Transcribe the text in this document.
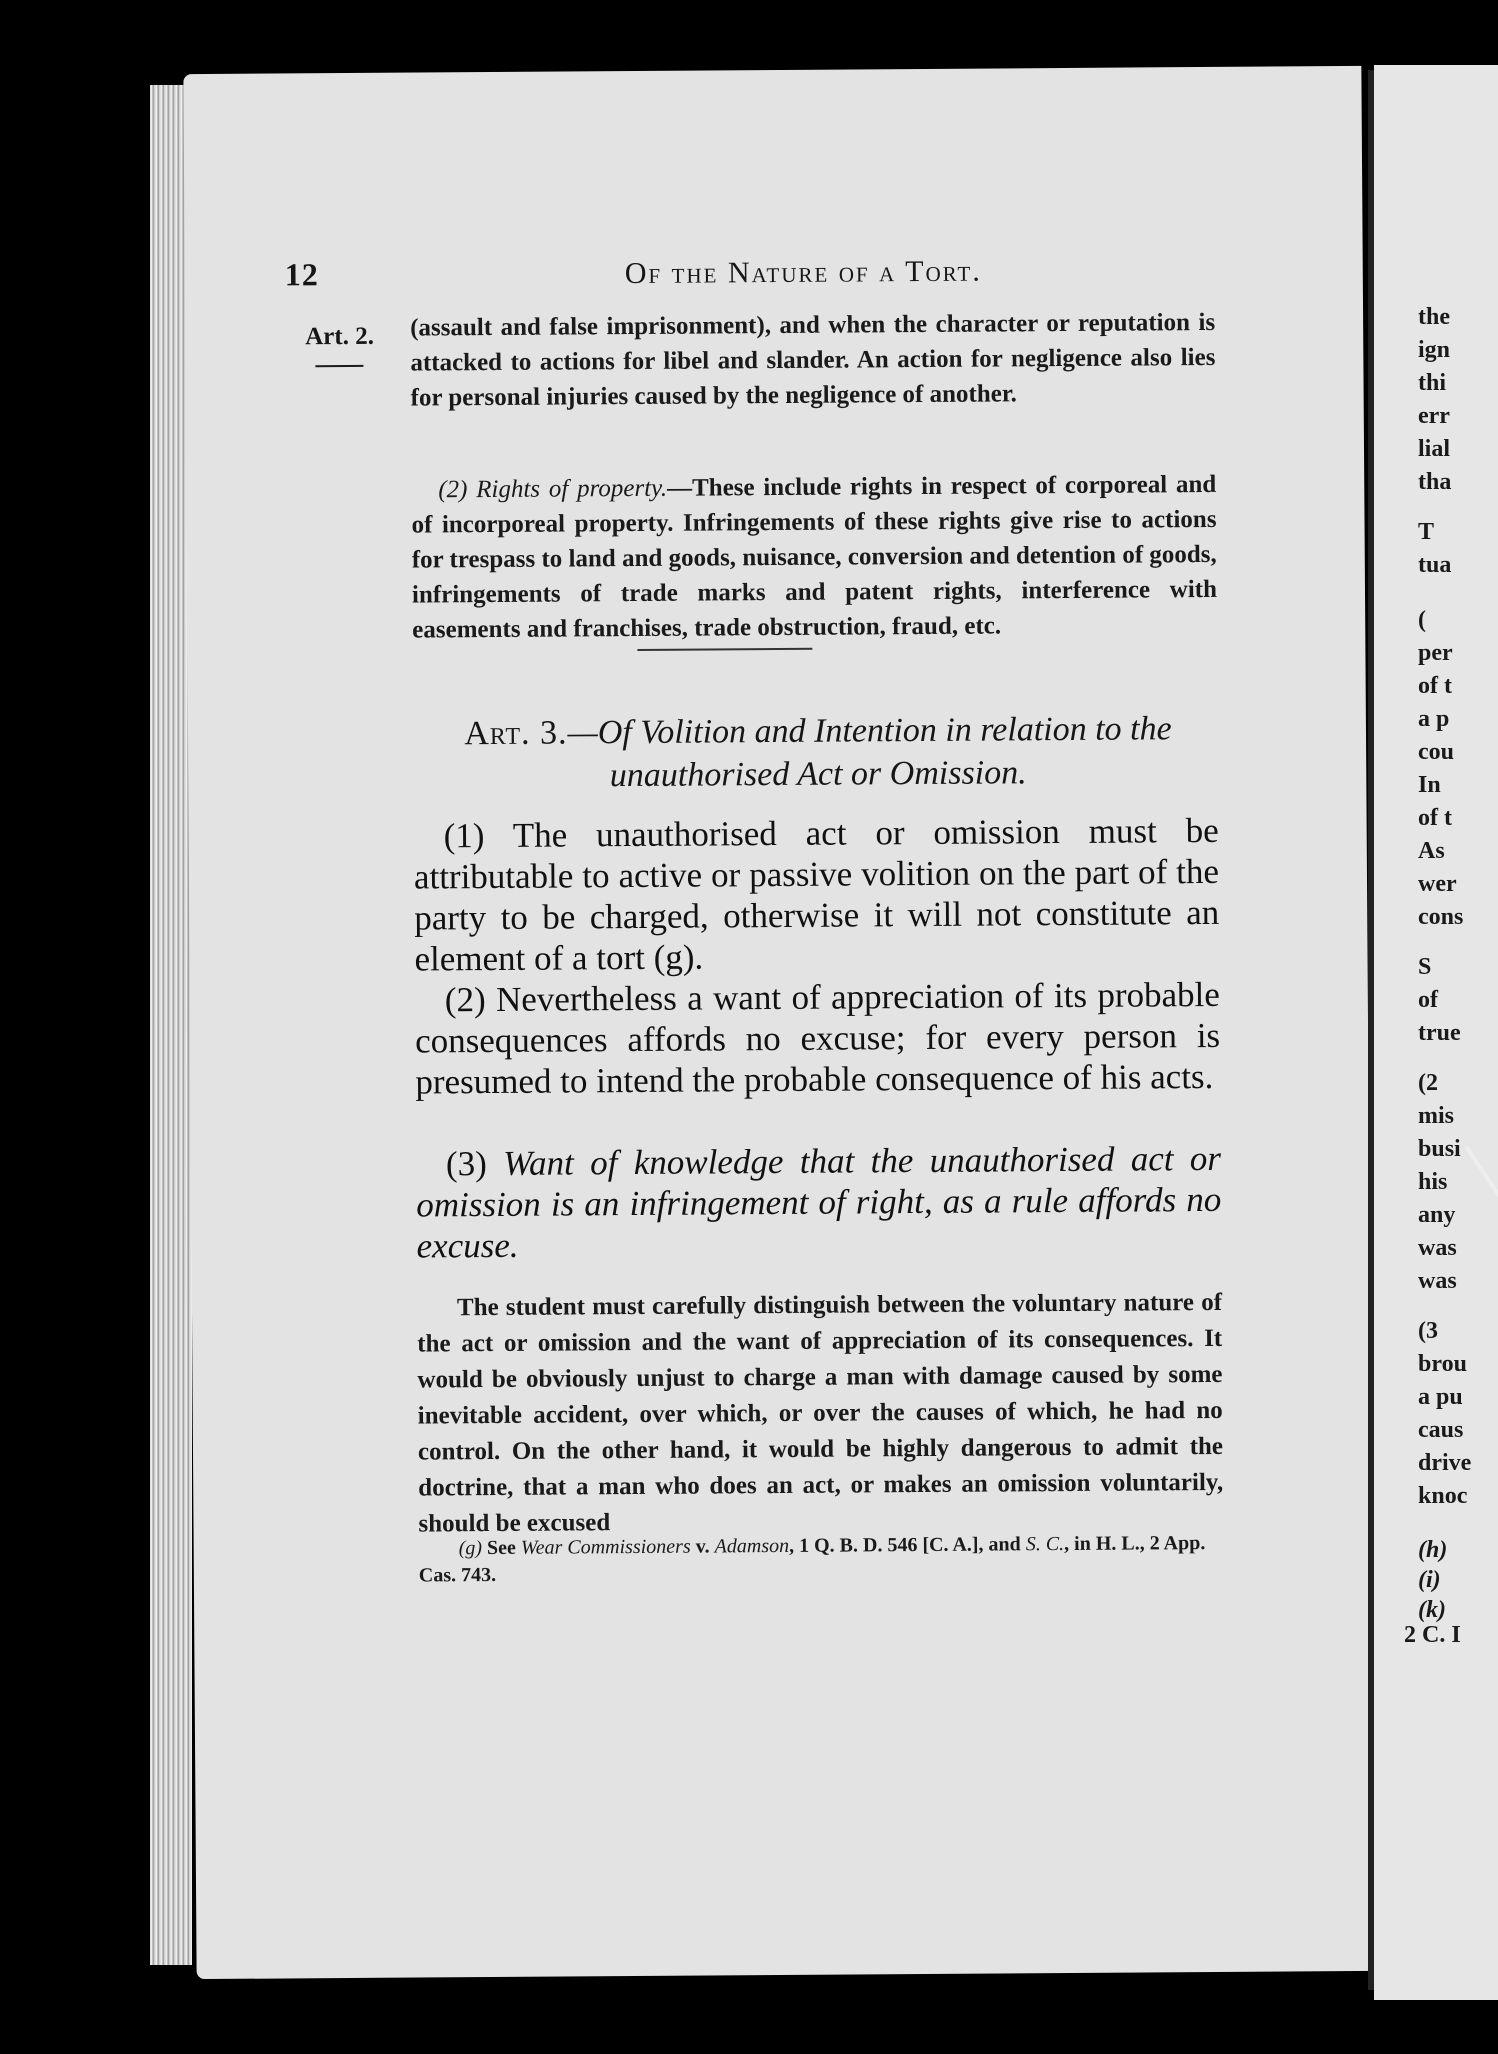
12	Of the Nature of a Tort.
Art. 2. (assault and false imprisonment), and when the character or reputation is attacked to actions for libel and slander. An action for negligence also lies for personal injuries caused by the negligence of another.

(2) Rights of property.—These include rights in respect of corporeal and of incorporeal property. Infringements of these rights give rise to actions for trespass to land and goods, nuisance, conversion and detention of goods, infringements of trade marks and patent rights, interference with easements and franchises, trade obstruction, fraud, etc.

Art. 3.—Of Volition and Intention in relation to the unauthorised Act or Omission.

(1) The unauthorised act or omission must be attributable to active or passive volition on the part of the party to be charged, otherwise it will not constitute an element of a tort (g).

(2) Nevertheless a want of appreciation of its probable consequences affords no excuse; for every person is presumed to intend the probable consequence of his acts.

(3) Want of knowledge that the unauthorised act or omission is an infringement of right, as a rule affords no excuse.

The student must carefully distinguish between the voluntary nature of the act or omission and the want of appreciation of its consequences. It would be obviously unjust to charge a man with damage caused by some inevitable accident, over which, or over the causes of which, he had no control. On the other hand, it would be highly dangerous to admit the doctrine, that a man who does an act, or makes an omission voluntarily, should be excused

(g) See Wear Commissioners v. Adamson, 1 Q. B. D. 546 [C. A.], and S. C., in H. L., 2 App. Cas. 743.

the
ign
thi
err
lial
tha
T
tua
(
per
of t
a p
cou
In
of t
As
wer
cons
S
of
true
(2
mis
busi
his
any
was
was
(3
brou
a pu
caus
drive
knoc
(h)
(i)
(k)
2 C. I
